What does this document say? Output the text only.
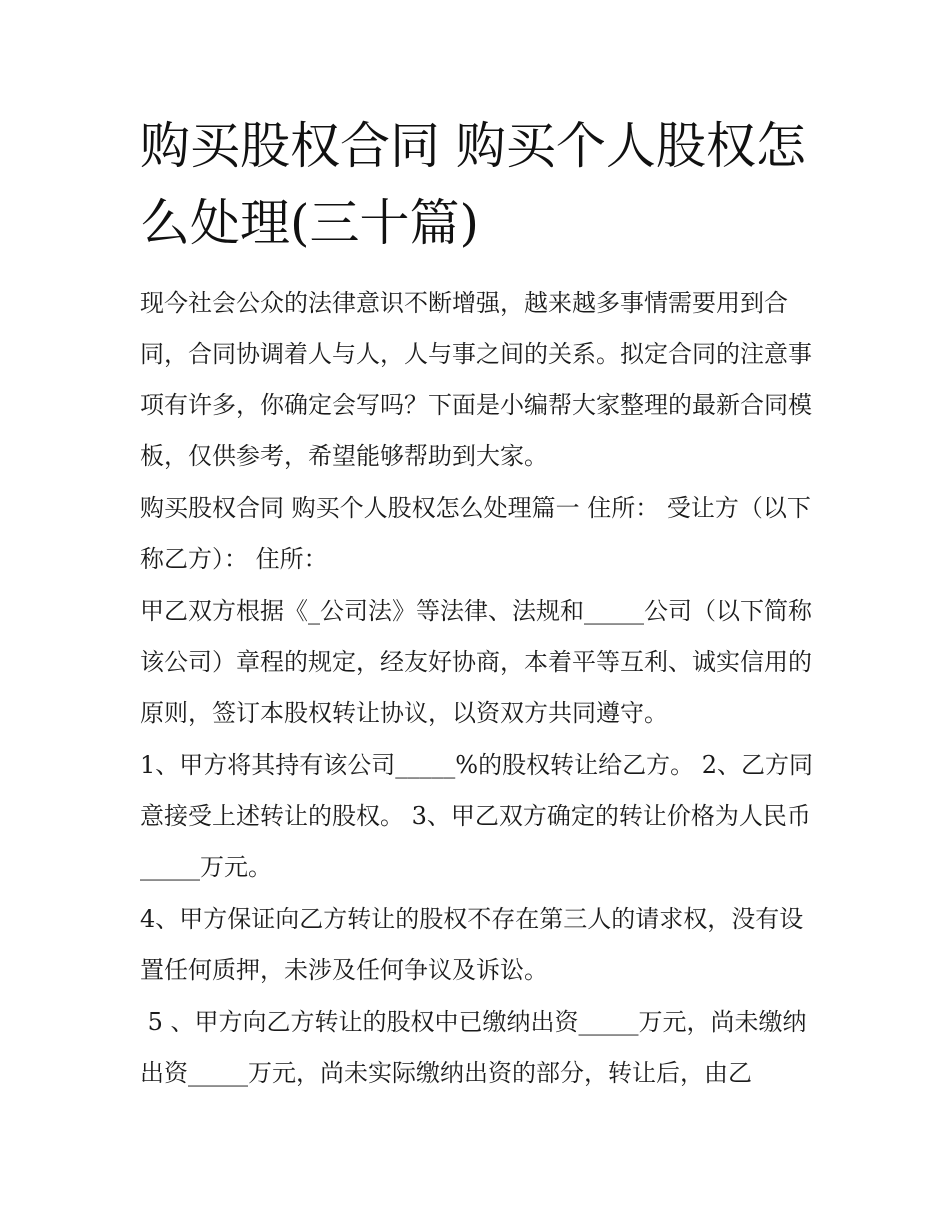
购买股权合同 购买个人股权怎么处理(三十篇)

现今社会公众的法律意识不断增强，越来越多事情需要用到合同，合同协调着人与人，人与事之间的关系。拟定合同的注意事项有许多，你确定会写吗？下面是小编帮大家整理的最新合同模板，仅供参考，希望能够帮助到大家。

购买股权合同 购买个人股权怎么处理篇一 住所： 受让方（以下称乙方）： 住所：

甲乙双方根据《_公司法》等法律、法规和_____公司（以下简称该公司）章程的规定，经友好协商，本着平等互利、诚实信用的原则，签订本股权转让协议，以资双方共同遵守。

1、甲方将其持有该公司_____%的股权转让给乙方。 2、乙方同意接受上述转让的股权。 3、甲乙双方确定的转让价格为人民币_____万元。

4、甲方保证向乙方转让的股权不存在第三人的请求权，没有设置任何质押，未涉及任何争议及诉讼。

5 、甲方向乙方转让的股权中已缴纳出资_____万元，尚未缴纳出资_____万元，尚未实际缴纳出资的部分，转让后，由乙
